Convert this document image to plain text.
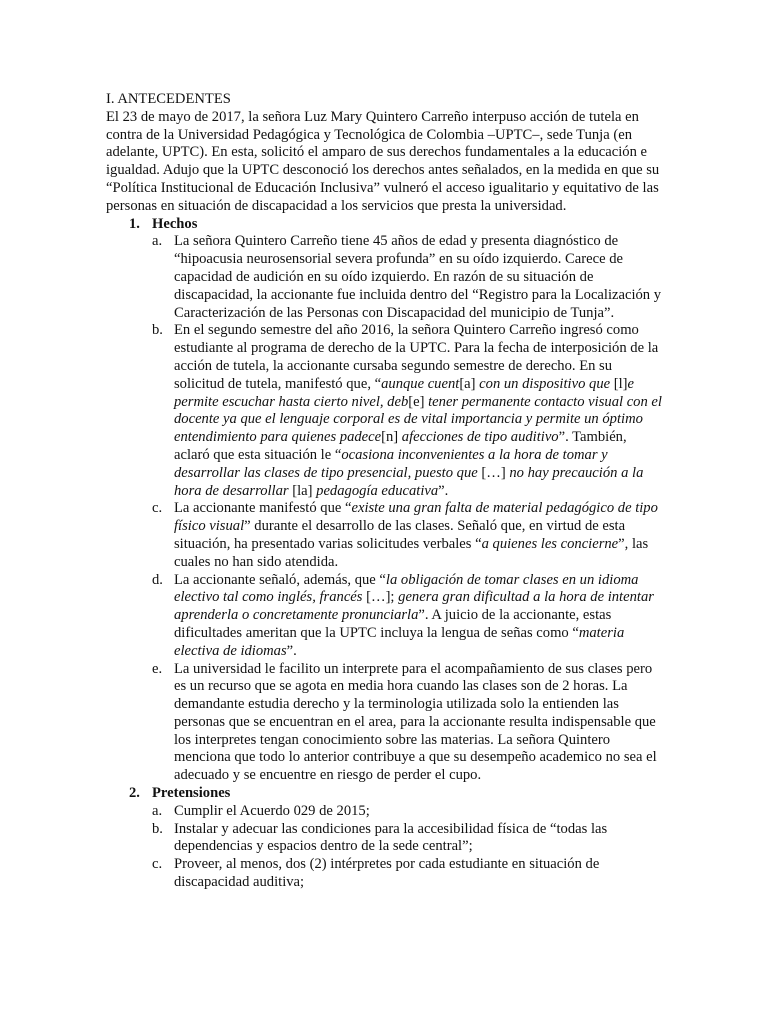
I. ANTECEDENTES

El 23 de mayo de 2017, la señora Luz Mary Quintero Carreño interpuso acción de tutela en contra de la Universidad Pedagógica y Tecnológica de Colombia –UPTC–, sede Tunja (en adelante, UPTC). En esta, solicitó el amparo de sus derechos fundamentales a la educación e igualdad. Adujo que la UPTC desconoció los derechos antes señalados, en la medida en que su “Política Institucional de Educación Inclusiva” vulneró el acceso igualitario y equitativo de las personas en situación de discapacidad a los servicios que presta la universidad.

1. Hechos
a. La señora Quintero Carreño tiene 45 años de edad y presenta diagnóstico de “hipoacusia neurosensorial severa profunda” en su oído izquierdo. Carece de capacidad de audición en su oído izquierdo. En razón de su situación de discapacidad, la accionante fue incluida dentro del “Registro para la Localización y Caracterización de las Personas con Discapacidad del municipio de Tunja”.
b. En el segundo semestre del año 2016, la señora Quintero Carreño ingresó como estudiante al programa de derecho de la UPTC. Para la fecha de interposición de la acción de tutela, la accionante cursaba segundo semestre de derecho. En su solicitud de tutela, manifestó que, “aunque cuent[a] con un dispositivo que [l]e permite escuchar hasta cierto nivel, deb[e] tener permanente contacto visual con el docente ya que el lenguaje corporal es de vital importancia y permite un óptimo entendimiento para quienes padece[n] afecciones de tipo auditivo”. También, aclaró que esta situación le “ocasiona inconvenientes a la hora de tomar y desarrollar las clases de tipo presencial, puesto que […] no hay precaución a la hora de desarrollar [la] pedagogía educativa”.
c. La accionante manifestó que “existe una gran falta de material pedagógico de tipo físico visual” durante el desarrollo de las clases. Señaló que, en virtud de esta situación, ha presentado varias solicitudes verbales “a quienes les concierne”, las cuales no han sido atendida.
d. La accionante señaló, además, que “la obligación de tomar clases en un idioma electivo tal como inglés, francés […]; genera gran dificultad a la hora de intentar aprenderla o concretamente pronunciarla”. A juicio de la accionante, estas dificultades ameritan que la UPTC incluya la lengua de señas como “materia electiva de idiomas”.
e. La universidad le facilito un interprete para el acompañamiento de sus clases pero es un recurso que se agota en media hora cuando las clases son de 2 horas. La demandante estudia derecho y la terminologia utilizada solo la entienden las personas que se encuentran en el area, para la accionante resulta indispensable que los interpretes tengan conocimiento sobre las materias. La señora Quintero menciona que todo lo anterior contribuye a que su desempeño academico no sea el adecuado y se encuentre en riesgo de perder el cupo.
2. Pretensiones
a. Cumplir el Acuerdo 029 de 2015;
b. Instalar y adecuar las condiciones para la accesibilidad física de “todas las dependencias y espacios dentro de la sede central”;
c. Proveer, al menos, dos (2) intérpretes por cada estudiante en situación de discapacidad auditiva;
